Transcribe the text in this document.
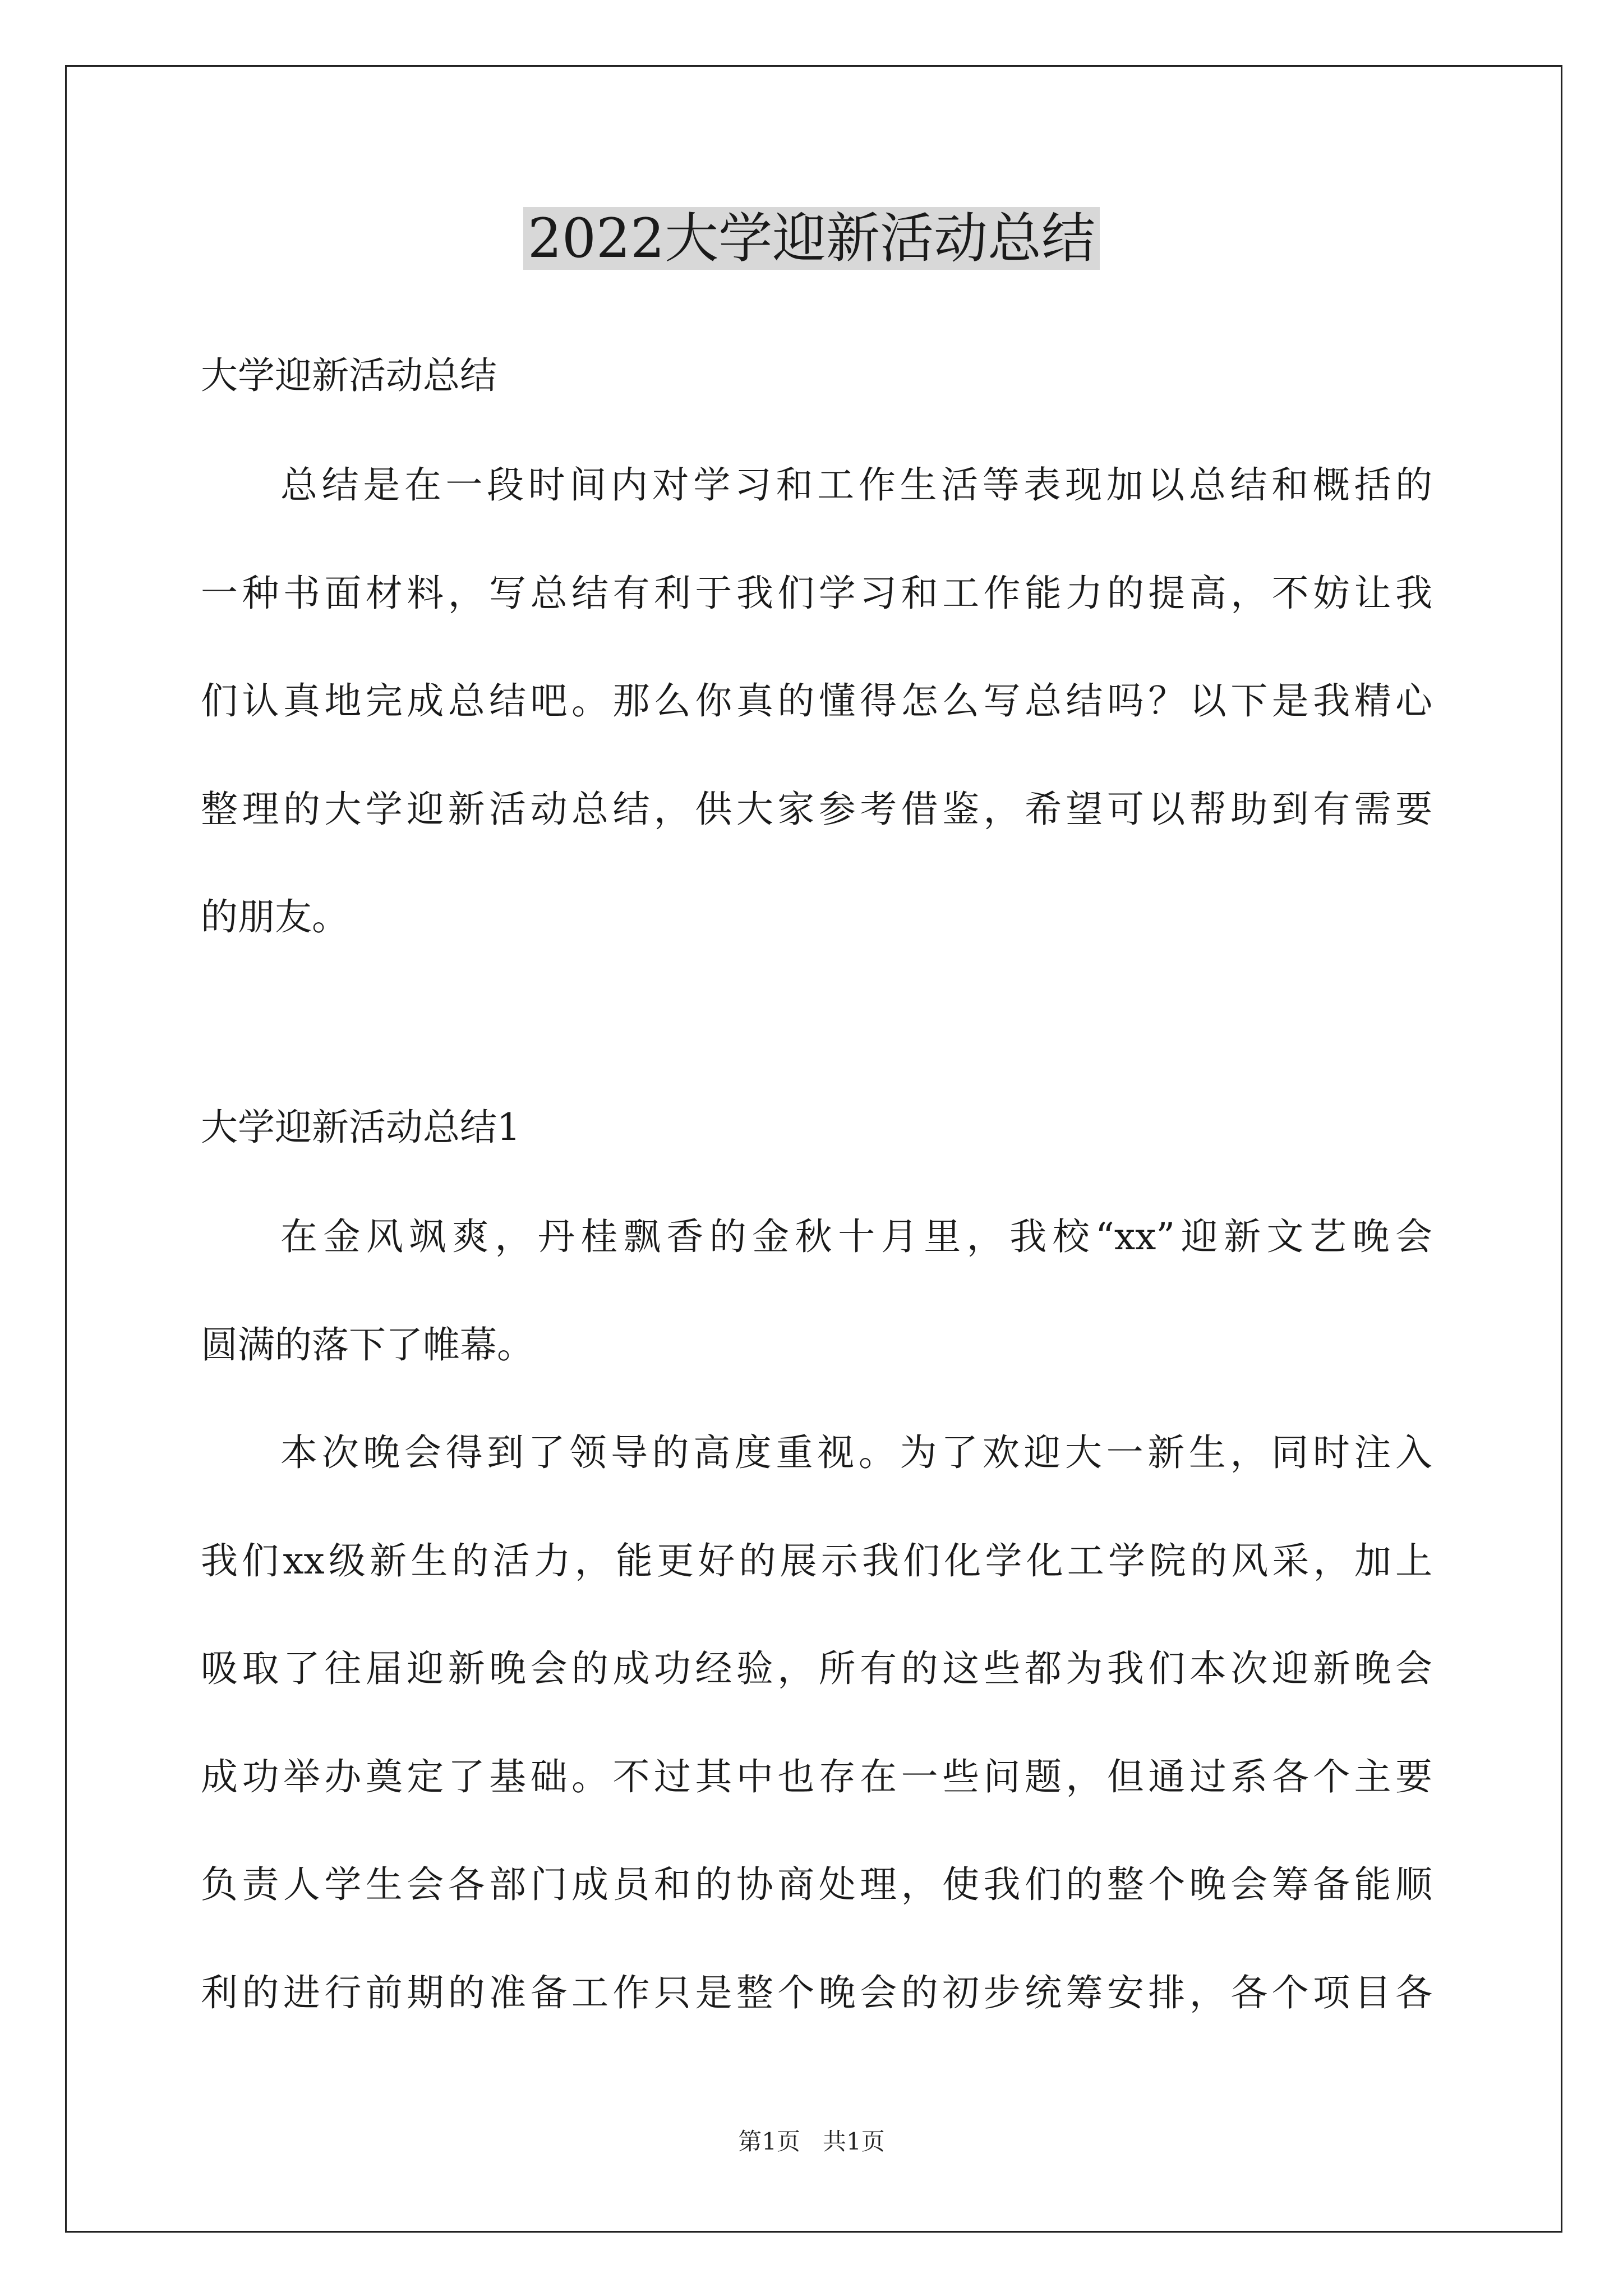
2022大学迎新活动总结
大学迎新活动总结
总结是在一段时间内对学习和工作生活等表现加以总结和概括的
一种书面材料，写总结有利于我们学习和工作能力的提高，不妨让我
们认真地完成总结吧。那么你真的懂得怎么写总结吗？以下是我精心
整理的大学迎新活动总结，供大家参考借鉴，希望可以帮助到有需要
的朋友。
大学迎新活动总结1
在金风飒爽，丹桂飘香的金秋十月里，我校“xx”迎新文艺晚会
圆满的落下了帷幕。
本次晚会得到了领导的高度重视。为了欢迎大一新生，同时注入
我们xx级新生的活力，能更好的展示我们化学化工学院的风采，加上
吸取了往届迎新晚会的成功经验，所有的这些都为我们本次迎新晚会
成功举办奠定了基础。不过其中也存在一些问题，但通过系各个主要
负责人学生会各部门成员和的协商处理，使我们的整个晚会筹备能顺
利的进行前期的准备工作只是整个晚会的初步统筹安排，各个项目各
第1页   共1页
